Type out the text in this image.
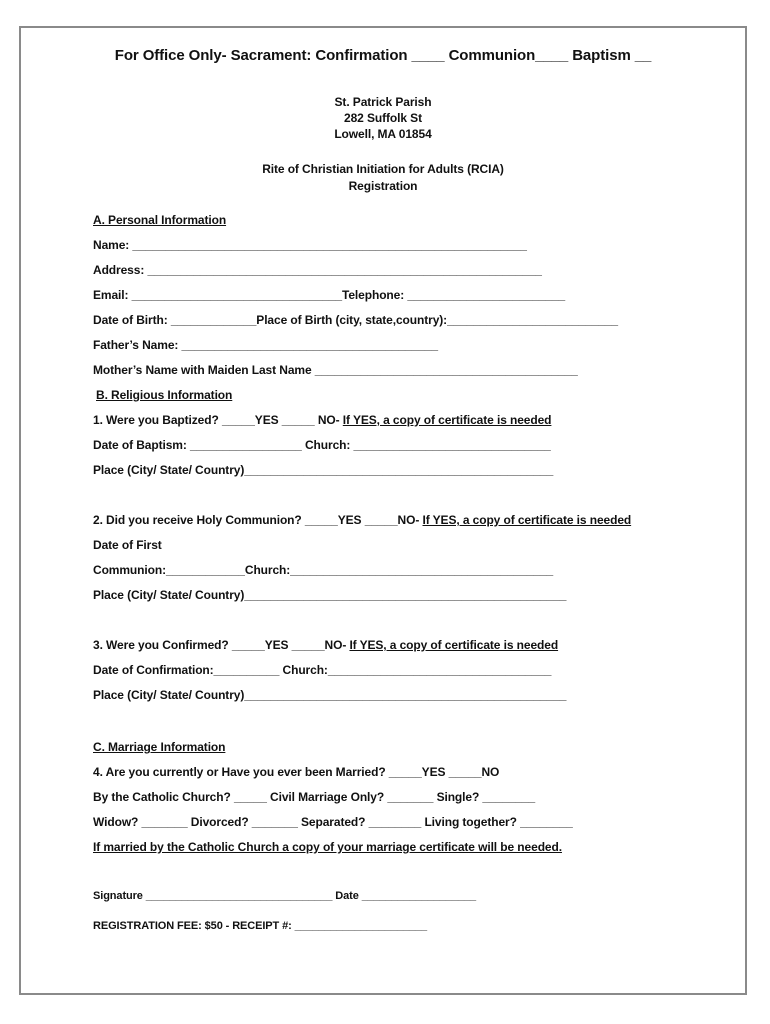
For Office Only- Sacrament: Confirmation ____ Communion____ Baptism __
St. Patrick Parish
282 Suffolk St
Lowell, MA 01854
Rite of Christian Initiation for Adults (RCIA)
Registration
A. Personal Information
Name: ____________________________________________________________
Address: ____________________________________________________________
Email: ________________________________Telephone: ________________________
Date of Birth: _____________Place of Birth (city, state,country):__________________________
Father’s Name: _______________________________________
Mother’s Name with Maiden Last Name ________________________________________
B. Religious Information
1. Were you Baptized? _____YES _____ NO- If YES, a copy of certificate is needed
Date of Baptism: _________________ Church: ______________________________
Place (City/ State/ Country)_______________________________________________
2. Did you receive Holy Communion? _____YES _____NO- If YES, a copy of certificate is needed
Date of First
Communion:____________Church:________________________________________
Place (City/ State/ Country)_________________________________________________
3. Were you Confirmed? _____YES _____NO- If YES, a copy of certificate is needed
Date of Confirmation:__________ Church:__________________________________
Place (City/ State/ Country)_________________________________________________
C. Marriage Information
4. Are you currently or Have you ever been Married? _____YES _____NO
By the Catholic Church? _____ Civil Marriage Only? _______ Single? ________
Widow? _______ Divorced? _______ Separated? ________ Living together? ________
If married by the Catholic Church a copy of your marriage certificate will be needed.
Signature _______________________________ Date ___________________
REGISTRATION FEE: $50 - RECEIPT #: ______________________
